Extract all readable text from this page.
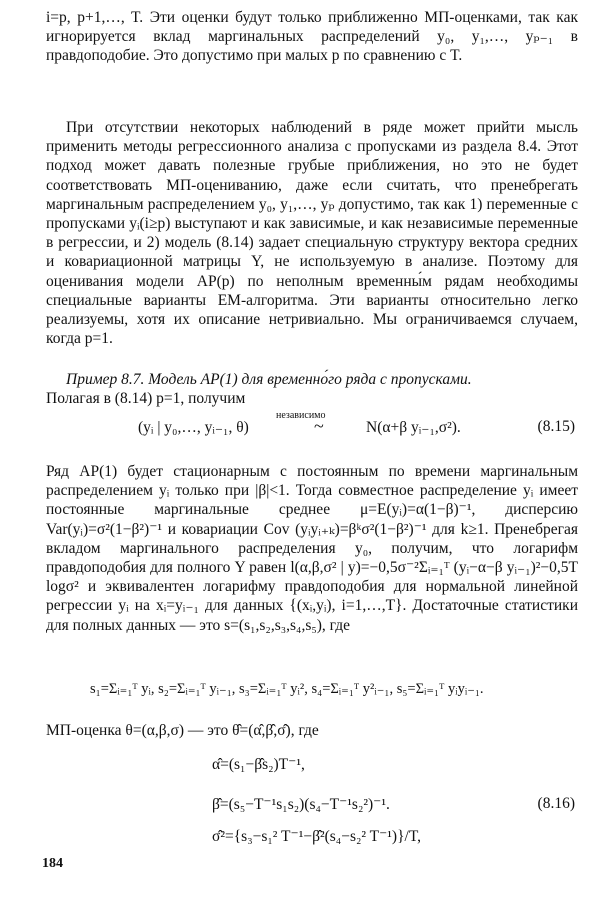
i=p, p+1,…, T. Эти оценки будут только приближенно МП-оценками, так как игнорируется вклад маргинальных распределений y₀, y₁,…, yₚ₋₁ в правдоподобие. Это допустимо при малых p по сравнению с T.

При отсутствии некоторых наблюдений в ряде может прийти мысль применить методы регрессионного анализа с пропусками из раздела 8.4. Этот подход может давать полезные грубые приближения, но это не будет соответствовать МП-оцениванию, даже если считать, что пренебрегать маргинальным распределением y₀, y₁,…, yₚ допустимо, так как 1) переменные с пропусками yᵢ(i≥p) выступают и как зависимые, и как независимые переменные в регрессии, и 2) модель (8.14) задает специальную структуру вектора средних и ковариационной матрицы Y, не используемую в анализе. Поэтому для оценивания модели АР(p) по неполным временны́м рядам необходимы специальные варианты ЕМ-алгоритма. Эти варианты относительно легко реализуемы, хотя их описание нетривиально. Мы ограничиваемся случаем, когда p=1.

Пример 8.7. Модель АР(1) для временно́го ряда с пропусками.

Полагая в (8.14) p=1, получим

(yᵢ | y₀,…, yᵢ₋₁, θ)
независимо
~	N(α+β yᵢ₋₁,σ²).	(8.15)

Ряд АР(1) будет стационарным с постоянным по времени маргинальным распределением yᵢ только при |β|<1. Тогда совместное распределение yᵢ имеет постоянные маргинальные среднее μ=E(yᵢ)=α(1−β)⁻¹, дисперсию Var(yᵢ)=σ²(1−β²)⁻¹ и ковариации Cov (yᵢyᵢ₊ₖ)=βᵏσ²(1−β²)⁻¹ для k≥1. Пренебрегая вкладом маргинального распределения y₀, получим, что логарифм правдоподобия для полного Y равен l(α,β,σ² | y)=−0,5σ⁻²Σᵢ₌₁ᵀ (yᵢ−α−β yᵢ₋₁)²−0,5T logσ² и эквивалентен логарифму правдоподобия для нормальной линейной регрессии yᵢ на xᵢ=yᵢ₋₁ для данных {(xᵢ,yᵢ), i=1,…,T}. Достаточные статистики для полных данных — это s=(s₁,s₂,s₃,s₄,s₅), где

s₁=Σᵢ₌₁ᵀ yᵢ, s₂=Σᵢ₌₁ᵀ yᵢ₋₁, s₃=Σᵢ₌₁ᵀ yᵢ², s₄=Σᵢ₌₁ᵀ y²ᵢ₋₁, s₅=Σᵢ₌₁ᵀ yᵢyᵢ₋₁.

МП-оценка θ=(α,β,σ) — это θ̂=(α̂,β̂,σ̂), где

α̂=(s₁−β̂s₂)T⁻¹,
β̂=(s₅−T⁻¹s₁s₂)(s₄−T⁻¹s₂²)⁻¹.	(8.16)
σ̂²={s₃−s₁² T⁻¹−β̂²(s₄−s₂² T⁻¹)}/T,
184
